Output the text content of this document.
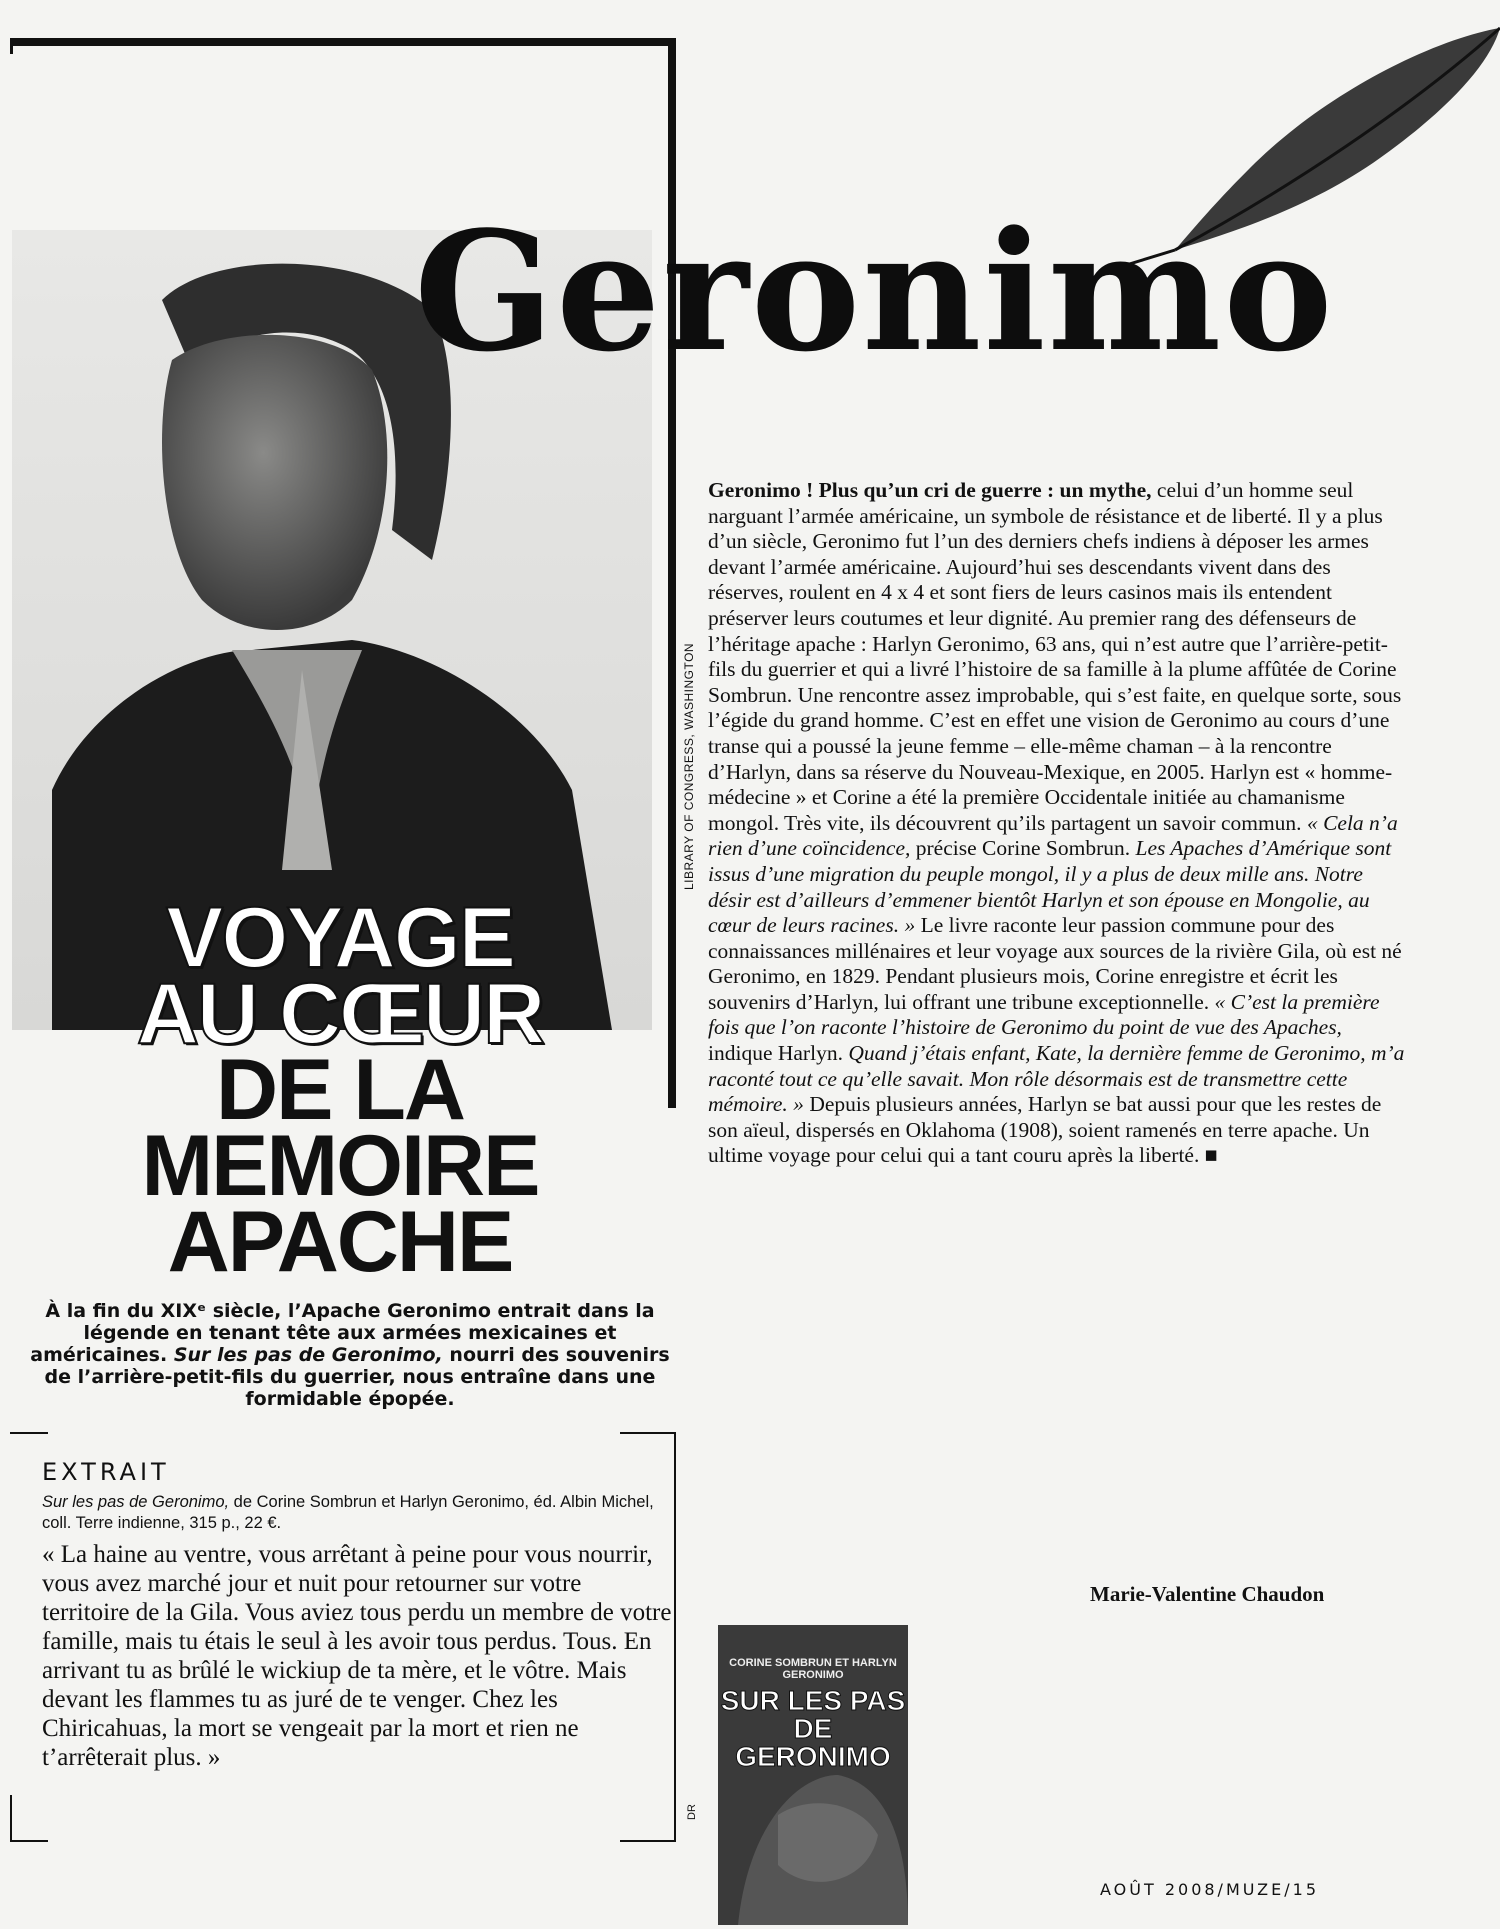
LIBRARY OF CONGRESS, WASHINGTON
Geronimo
VOYAGE
AU CŒUR
DE LA
MEMOIRE
APACHE
À la fin du XIXᵉ siècle, l’Apache Geronimo entrait dans la légende en tenant tête aux armées mexicaines et américaines. Sur les pas de Geronimo, nourri des souvenirs de l’arrière-petit-fils du guerrier, nous entraîne dans une formidable épopée.
EXTRAIT
Sur les pas de Geronimo, de Corine Sombrun et Harlyn Geronimo, éd. Albin Michel, coll. Terre indienne, 315 p., 22 €.
« La haine au ventre, vous arrêtant à peine pour vous nourrir, vous avez marché jour et nuit pour retourner sur votre territoire de la Gila. Vous aviez tous perdu un membre de votre famille, mais tu étais le seul à les avoir tous perdus. Tous. En arrivant tu as brûlé le wickiup de ta mère, et le vôtre. Mais devant les flammes tu as juré de te venger. Chez les Chiricahuas, la mort se vengeait par la mort et rien ne t’arrêterait plus. »
Geronimo ! Plus qu’un cri de guerre : un mythe, celui d’un homme seul narguant l’armée américaine, un symbole de résistance et de liberté. Il y a plus d’un siècle, Geronimo fut l’un des derniers chefs indiens à déposer les armes devant l’armée américaine. Aujourd’hui ses descendants vivent dans des réserves, roulent en 4 x 4 et sont fiers de leurs casinos mais ils entendent préserver leurs coutumes et leur dignité. Au premier rang des défenseurs de l’héritage apache : Harlyn Geronimo, 63 ans, qui n’est autre que l’arrière-petit-fils du guerrier et qui a livré l’histoire de sa famille à la plume affûtée de Corine Sombrun. Une rencontre assez improbable, qui s’est faite, en quelque sorte, sous l’égide du grand homme. C’est en effet une vision de Geronimo au cours d’une transe qui a poussé la jeune femme – elle-même chaman – à la rencontre d’Harlyn, dans sa réserve du Nouveau-Mexique, en 2005. Harlyn est « homme-médecine » et Corine a été la première Occidentale initiée au chamanisme mongol. Très vite, ils découvrent qu’ils partagent un savoir commun. « Cela n’a rien d’une coïncidence, précise Corine Sombrun. Les Apaches d’Amérique sont issus d’une migration du peuple mongol, il y a plus de deux mille ans. Notre désir est d’ailleurs d’emmener bientôt Harlyn et son épouse en Mongolie, au cœur de leurs racines. » Le livre raconte leur passion commune pour des connaissances millénaires et leur voyage aux sources de la rivière Gila, où est né Geronimo, en 1829. Pendant plusieurs mois, Corine enregistre et écrit les souvenirs d’Harlyn, lui offrant une tribune exceptionnelle. « C’est la première fois que l’on raconte l’histoire de Geronimo du point de vue des Apaches, indique Harlyn. Quand j’étais enfant, Kate, la dernière femme de Geronimo, m’a raconté tout ce qu’elle savait. Mon rôle désormais est de transmettre cette mémoire. » Depuis plusieurs années, Harlyn se bat aussi pour que les restes de son aïeul, dispersés en Oklahoma (1908), soient ramenés en terre apache. Un ultime voyage pour celui qui a tant couru après la liberté. ■
Marie-Valentine Chaudon
DR
CORINE SOMBRUN ET HARLYN GERONIMO
SUR LES PAS DE
GERONIMO
AOÛT 2008/MUZE/15
